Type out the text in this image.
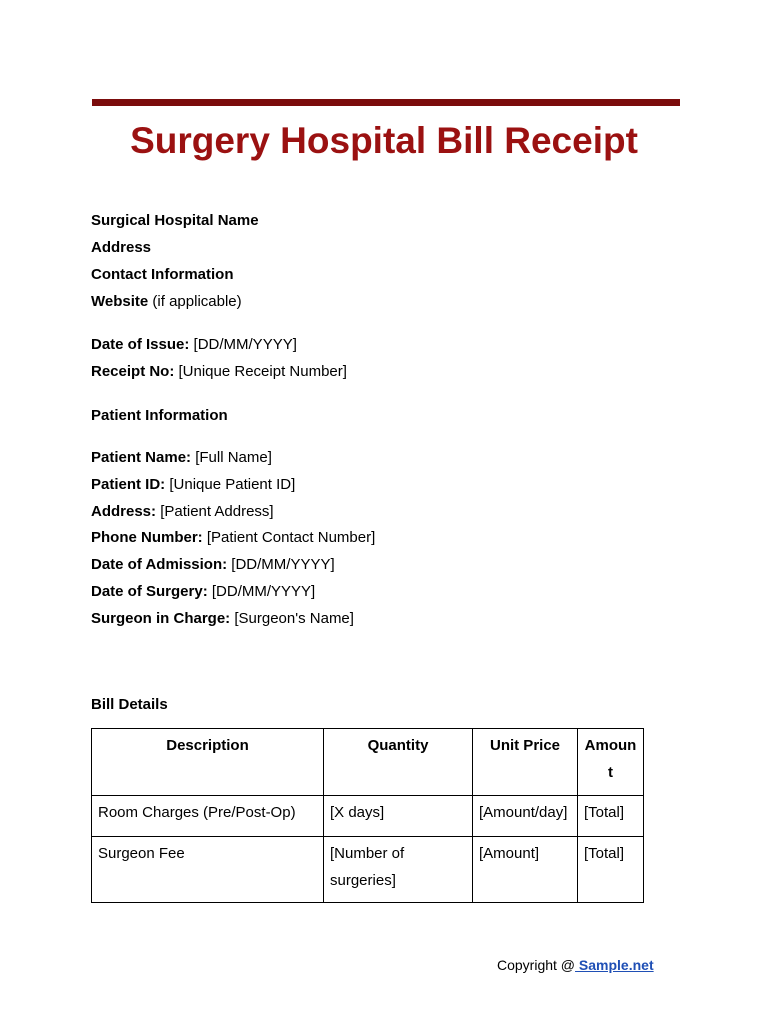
Surgery Hospital Bill Receipt
Surgical Hospital Name
Address
Contact Information
Website (if applicable)
Date of Issue: [DD/MM/YYYY]
Receipt No: [Unique Receipt Number]
Patient Information
Patient Name: [Full Name]
Patient ID: [Unique Patient ID]
Address: [Patient Address]
Phone Number: [Patient Contact Number]
Date of Admission: [DD/MM/YYYY]
Date of Surgery: [DD/MM/YYYY]
Surgeon in Charge: [Surgeon's Name]
Bill Details
Description	Quantity	Unit Price	Amount
Room Charges (Pre/Post-Op)	[X days]	[Amount/day]	[Total]
Surgeon Fee	[Number of surgeries]	[Amount]	[Total]
Copyright @ Sample.net
